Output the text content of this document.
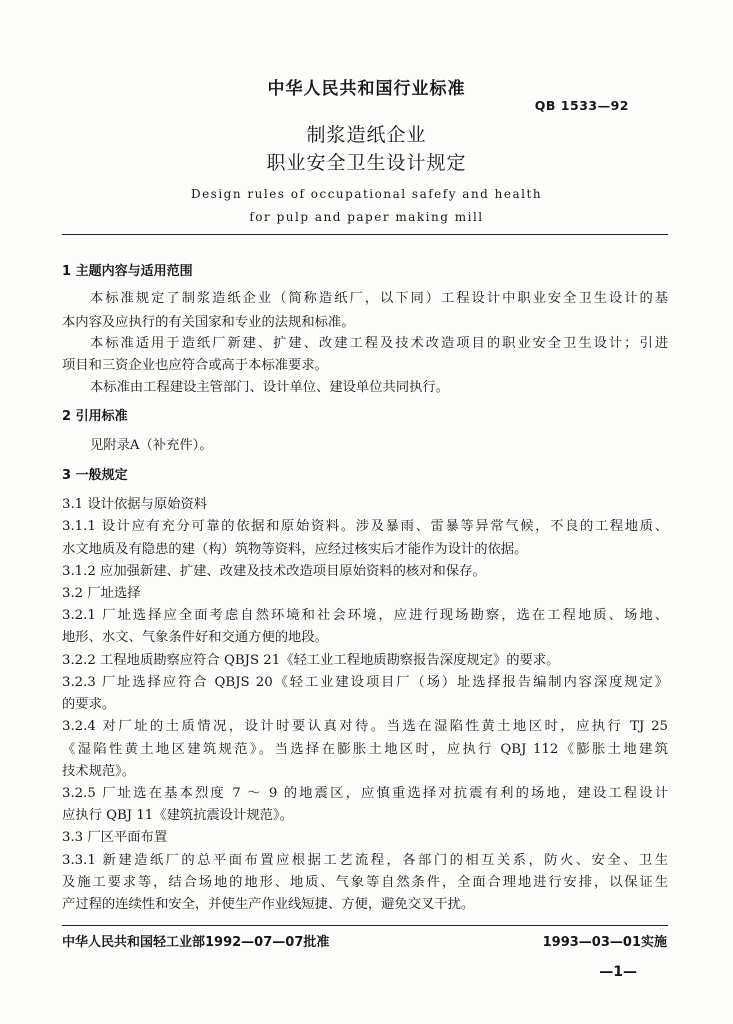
中华人民共和国行业标准
QB 1533—92
制浆造纸企业
职业安全卫生设计规定
Design rules of occupational safefy and health
for pulp and paper making mill
1 主题内容与适用范围
本标准规定了制浆造纸企业（简称造纸厂，以下同）工程设计中职业安全卫生设计的基
本内容及应执行的有关国家和专业的法规和标准。
本标准适用于造纸厂新建、扩建、改建工程及技术改造项目的职业安全卫生设计；引进
项目和三资企业也应符合或高于本标准要求。
本标准由工程建设主管部门、设计单位、建设单位共同执行。
2 引用标准
见附录A（补充件）。
3 一般规定
3.1 设计依据与原始资料
3.1.1 设计应有充分可靠的依据和原始资料。涉及暴雨、雷暴等异常气候，不良的工程地质、
水文地质及有隐患的建（构）筑物等资料，应经过核实后才能作为设计的依据。
3.1.2 应加强新建、扩建、改建及技术改造项目原始资料的核对和保存。
3.2 厂址选择
3.2.1 厂址选择应全面考虑自然环境和社会环境，应进行现场勘察，选在工程地质、场地、
地形、水文、气象条件好和交通方便的地段。
3.2.2 工程地质勘察应符合 QBJS 21《轻工业工程地质勘察报告深度规定》的要求。
3.2.3 厂址选择应符合 QBJS 20《轻工业建设项目厂（场）址选择报告编制内容深度规定》
的要求。
3.2.4 对厂址的土质情况，设计时要认真对待。当选在湿陷性黄土地区时，应执行 TJ 25
《湿陷性黄土地区建筑规范》。当选择在膨胀土地区时，应执行 QBJ 112《膨胀土地建筑
技术规范》。
3.2.5 厂址选在基本烈度 7 ～ 9 的地震区，应慎重选择对抗震有利的场地，建设工程设计
应执行 QBJ 11《建筑抗震设计规范》。
3.3 厂区平面布置
3.3.1 新建造纸厂的总平面布置应根据工艺流程，各部门的相互关系，防火、安全、卫生
及施工要求等，结合场地的地形、地质、气象等自然条件，全面合理地进行安排，以保证生
产过程的连续性和安全，并使生产作业线短捷、方便，避免交叉干扰。
中华人民共和国轻工业部1992—07—07批准	1993—03—01实施
—1—
